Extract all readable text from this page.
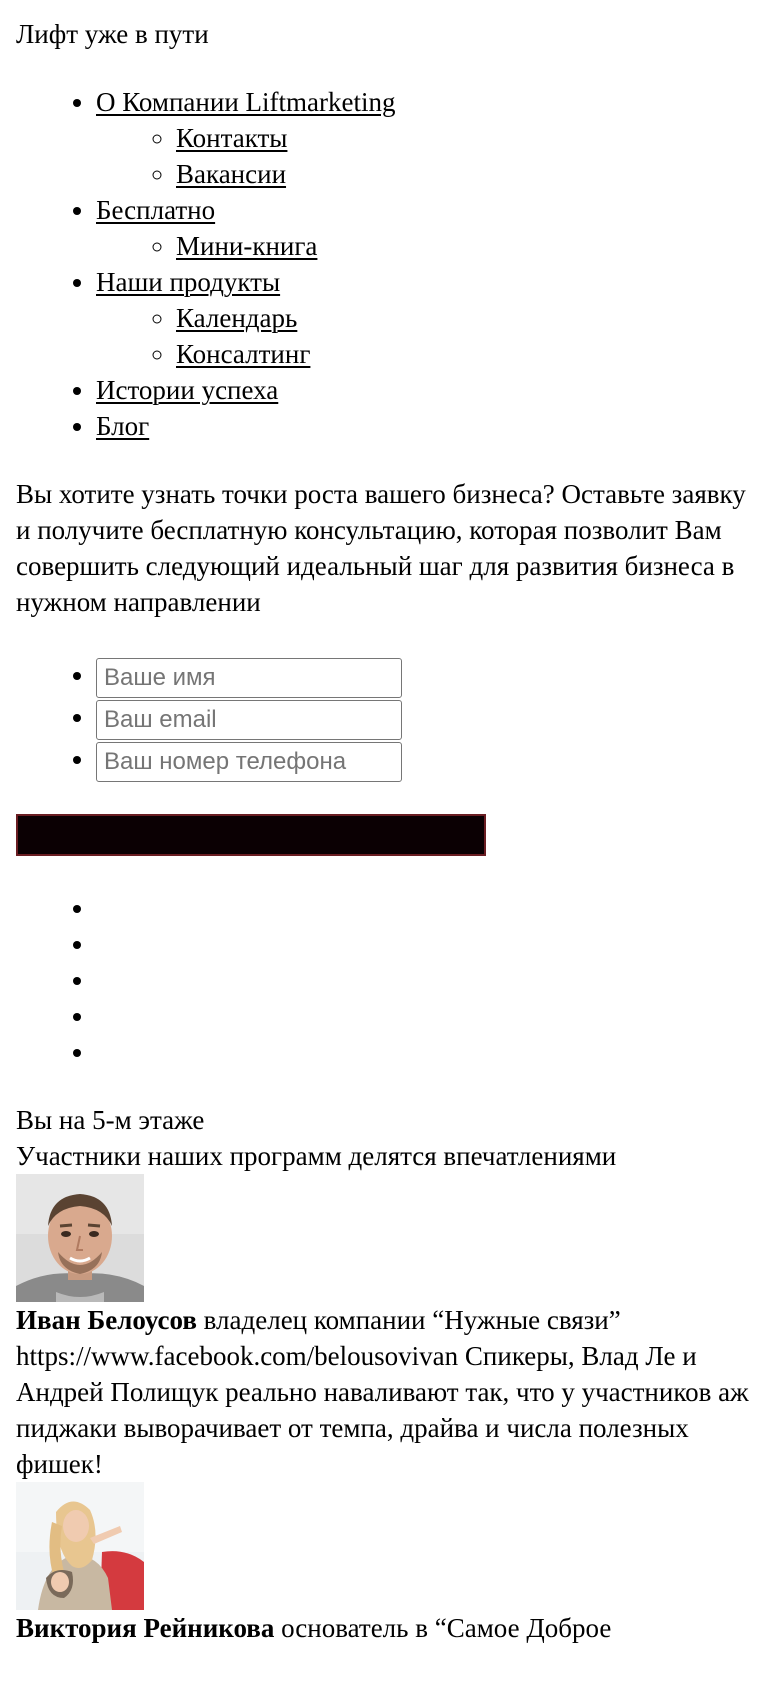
Лифт уже в пути
• О Компании Liftmarketing
◦ Контакты
◦ Вакансии
• Бесплатно
◦ Мини-книга
• Наши продукты
◦ Календарь
◦ Консалтинг
• Истории успеха
• Блог

Вы хотите узнать точки роста вашего бизнеса? Оставьте заявку и получите бесплатную консультацию, которая позволит Вам совершить следующий идеальный шаг для развития бизнеса в нужном направлении

• Ваше имя
• Ваш email
• Ваш номер телефона
•
•
•
•
•
Вы на 5-м этаже
Участники наших программ делятся впечатлениями
Иван Белоусов владелец компании “Нужные связи” https://www.facebook.com/belousovivan Спикеры, Влад Ле и Андрей Полищук реально наваливают так, что у участников аж пиджаки выворачивает от темпа, драйва и числа полезных фишек!
Виктория Рейникова основатель в “Самое Доброе
